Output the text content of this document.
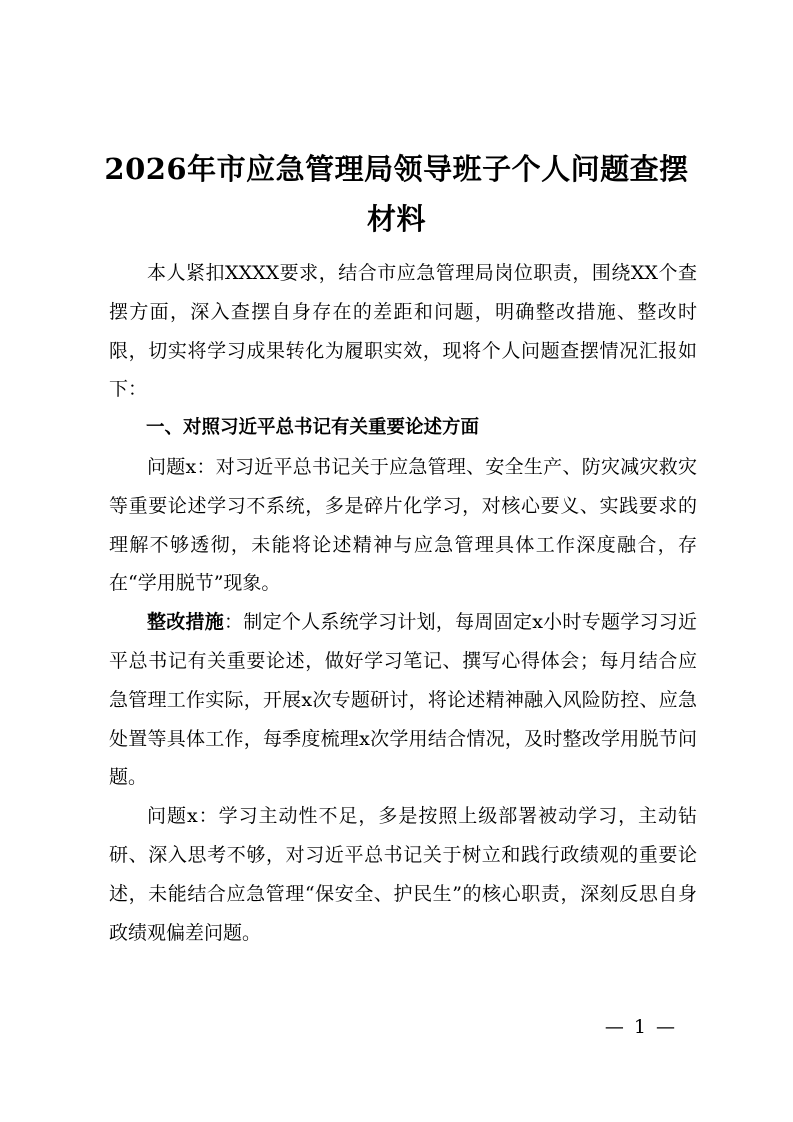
2026年市应急管理局领导班子个人问题查摆
材料

本人紧扣XXXX要求，结合市应急管理局岗位职责，围绕XX个查摆方面，深入查摆自身存在的差距和问题，明确整改措施、整改时限，切实将学习成果转化为履职实效，现将个人问题查摆情况汇报如下：

一、对照习近平总书记有关重要论述方面

问题x：对习近平总书记关于应急管理、安全生产、防灾减灾救灾等重要论述学习不系统，多是碎片化学习，对核心要义、实践要求的理解不够透彻，未能将论述精神与应急管理具体工作深度融合，存在“学用脱节”现象。

整改措施：制定个人系统学习计划，每周固定x小时专题学习习近平总书记有关重要论述，做好学习笔记、撰写心得体会；每月结合应急管理工作实际，开展x次专题研讨，将论述精神融入风险防控、应急处置等具体工作，每季度梳理x次学用结合情况，及时整改学用脱节问题。

问题x：学习主动性不足，多是按照上级部署被动学习，主动钻研、深入思考不够，对习近平总书记关于树立和践行政绩观的重要论述，未能结合应急管理“保安全、护民生”的核心职责，深刻反思自身政绩观偏差问题。

— 1 —
